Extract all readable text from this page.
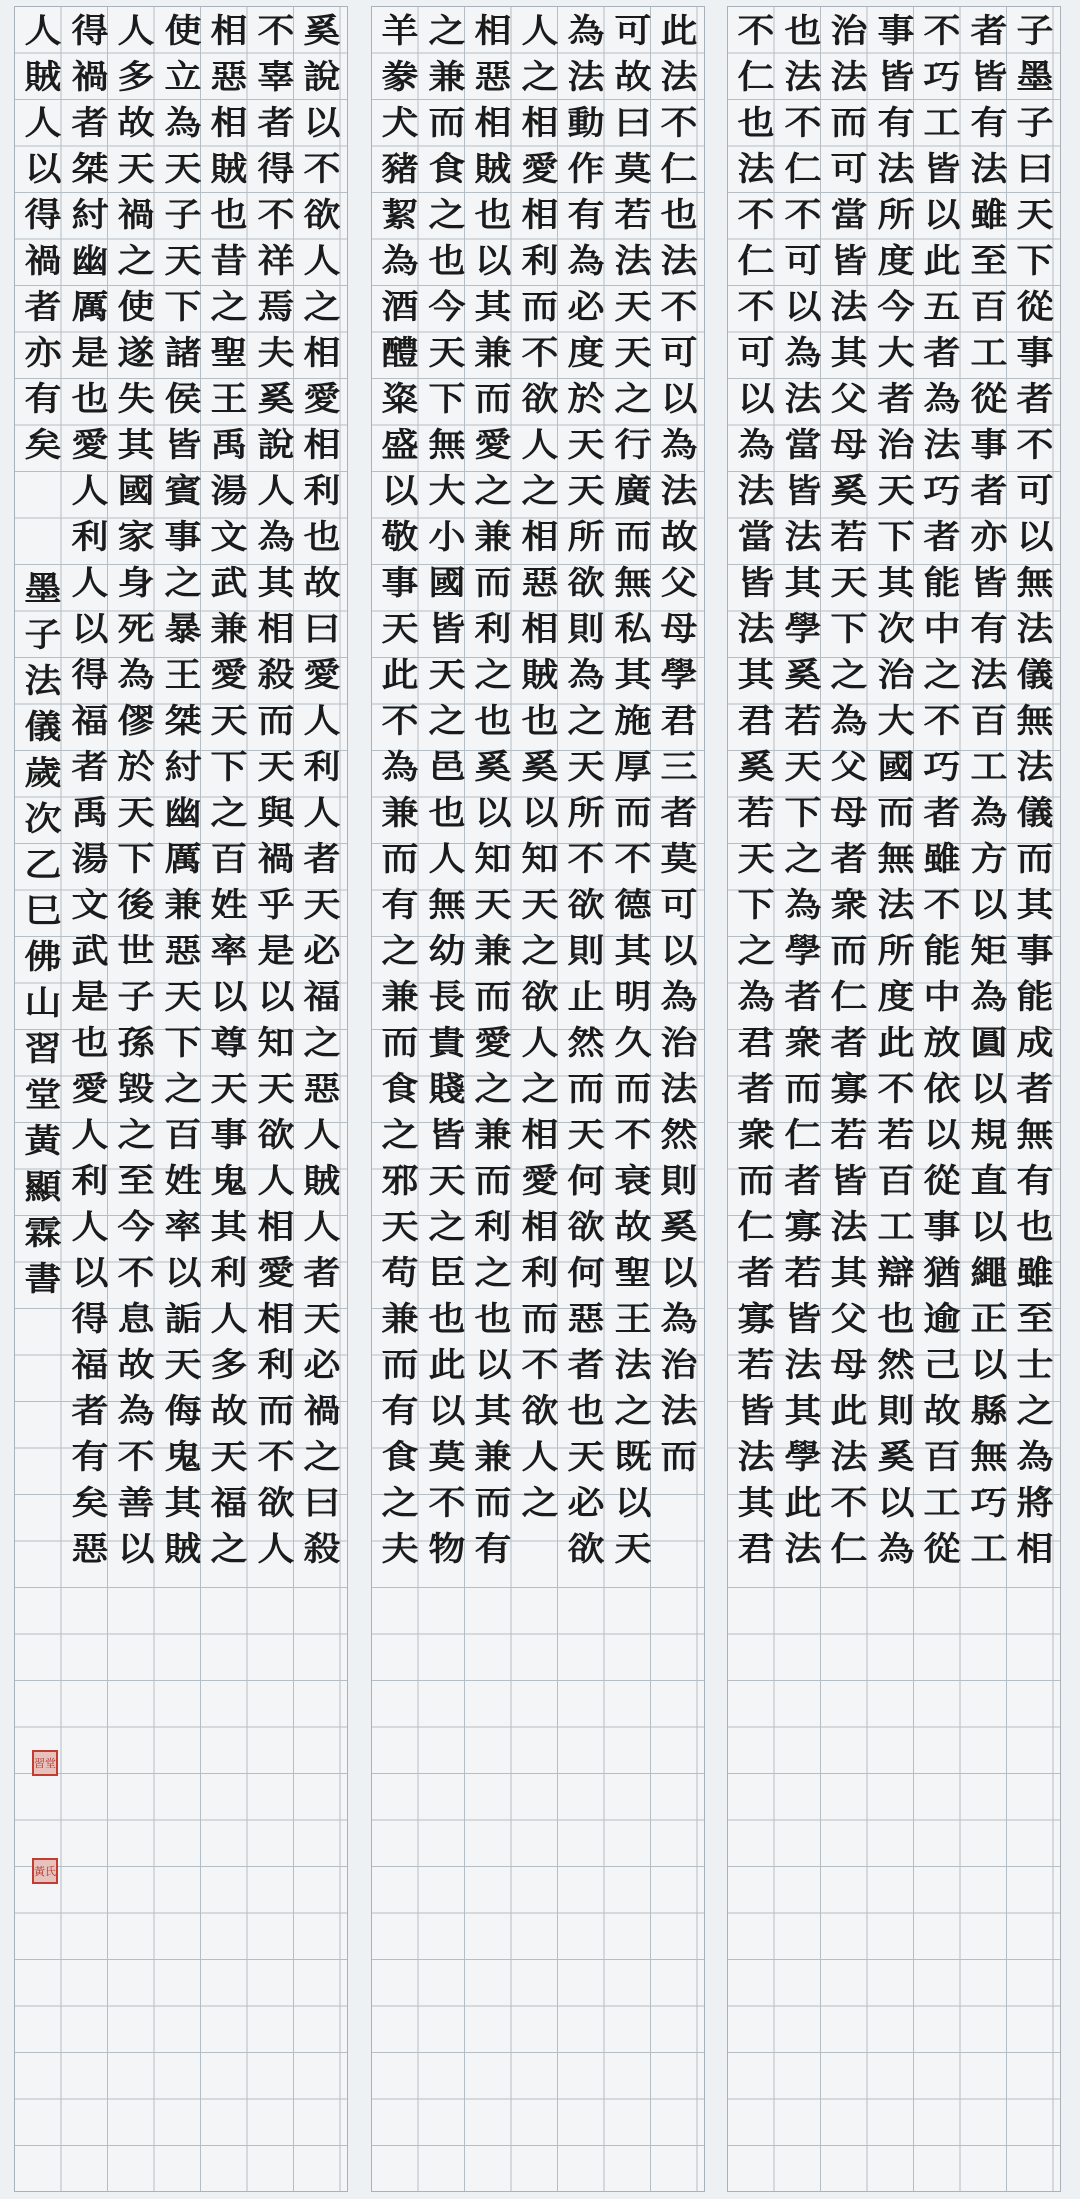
奚
說
以
不
欲
人
之
相
愛
相
利
也
故
曰
愛
人
利
人
者
天
必
福
之
惡
人
賊
人
者
天
必
禍
之
曰
殺
不
辜
者
得
不
祥
焉
夫
奚
說
人
為
其
相
殺
而
天
與
禍
乎
是
以
知
天
欲
人
相
愛
相
利
而
不
欲
人
相
惡
相
賊
也
昔
之
聖
王
禹
湯
文
武
兼
愛
天
下
之
百
姓
率
以
尊
天
事
鬼
其
利
人
多
故
天
福
之
使
立
為
天
子
天
下
諸
侯
皆
賓
事
之
暴
王
桀
紂
幽
厲
兼
惡
天
下
之
百
姓
率
以
詬
天
侮
鬼
其
賊
人
多
故
天
禍
之
使
遂
失
其
國
家
身
死
為
僇
於
天
下
後
世
子
孫
毀
之
至
今
不
息
故
為
不
善
以
得
禍
者
桀
紂
幽
厲
是
也
愛
人
利
人
以
得
福
者
禹
湯
文
武
是
也
愛
人
利
人
以
得
福
者
有
矣
惡
人
賊
人
以
得
禍
者
亦
有
矣
墨
子
法
儀
歲
次
乙
巳
佛
山
習
堂
黃
顯
霖
書
此
法
不
仁
也
法
不
可
以
為
法
故
父
母
學
君
三
者
莫
可
以
為
治
法
然
則
奚
以
為
治
法
而
可
故
曰
莫
若
法
天
天
之
行
廣
而
無
私
其
施
厚
而
不
德
其
明
久
而
不
衰
故
聖
王
法
之
既
以
天
為
法
動
作
有
為
必
度
於
天
天
所
欲
則
為
之
天
所
不
欲
則
止
然
而
天
何
欲
何
惡
者
也
天
必
欲
人
之
相
愛
相
利
而
不
欲
人
之
相
惡
相
賊
也
奚
以
知
天
之
欲
人
之
相
愛
相
利
而
不
欲
人
之
相
惡
相
賊
也
以
其
兼
而
愛
之
兼
而
利
之
也
奚
以
知
天
兼
而
愛
之
兼
而
利
之
也
以
其
兼
而
有
之
兼
而
食
之
也
今
天
下
無
大
小
國
皆
天
之
邑
也
人
無
幼
長
貴
賤
皆
天
之
臣
也
此
以
莫
不
物
羊
豢
犬
豬
絜
為
酒
醴
粢
盛
以
敬
事
天
此
不
為
兼
而
有
之
兼
而
食
之
邪
天
苟
兼
而
有
食
之
夫
子
墨
子
曰
天
下
從
事
者
不
可
以
無
法
儀
無
法
儀
而
其
事
能
成
者
無
有
也
雖
至
士
之
為
將
相
者
皆
有
法
雖
至
百
工
從
事
者
亦
皆
有
法
百
工
為
方
以
矩
為
圓
以
規
直
以
繩
正
以
縣
無
巧
工
不
巧
工
皆
以
此
五
者
為
法
巧
者
能
中
之
不
巧
者
雖
不
能
中
放
依
以
從
事
猶
逾
己
故
百
工
從
事
皆
有
法
所
度
今
大
者
治
天
下
其
次
治
大
國
而
無
法
所
度
此
不
若
百
工
辯
也
然
則
奚
以
為
治
法
而
可
當
皆
法
其
父
母
奚
若
天
下
之
為
父
母
者
衆
而
仁
者
寡
若
皆
法
其
父
母
此
法
不
仁
也
法
不
仁
不
可
以
為
法
當
皆
法
其
學
奚
若
天
下
之
為
學
者
衆
而
仁
者
寡
若
皆
法
其
學
此
法
不
仁
也
法
不
仁
不
可
以
為
法
當
皆
法
其
君
奚
若
天
下
之
為
君
者
衆
而
仁
者
寡
若
皆
法
其
君
習堂
黃氏
